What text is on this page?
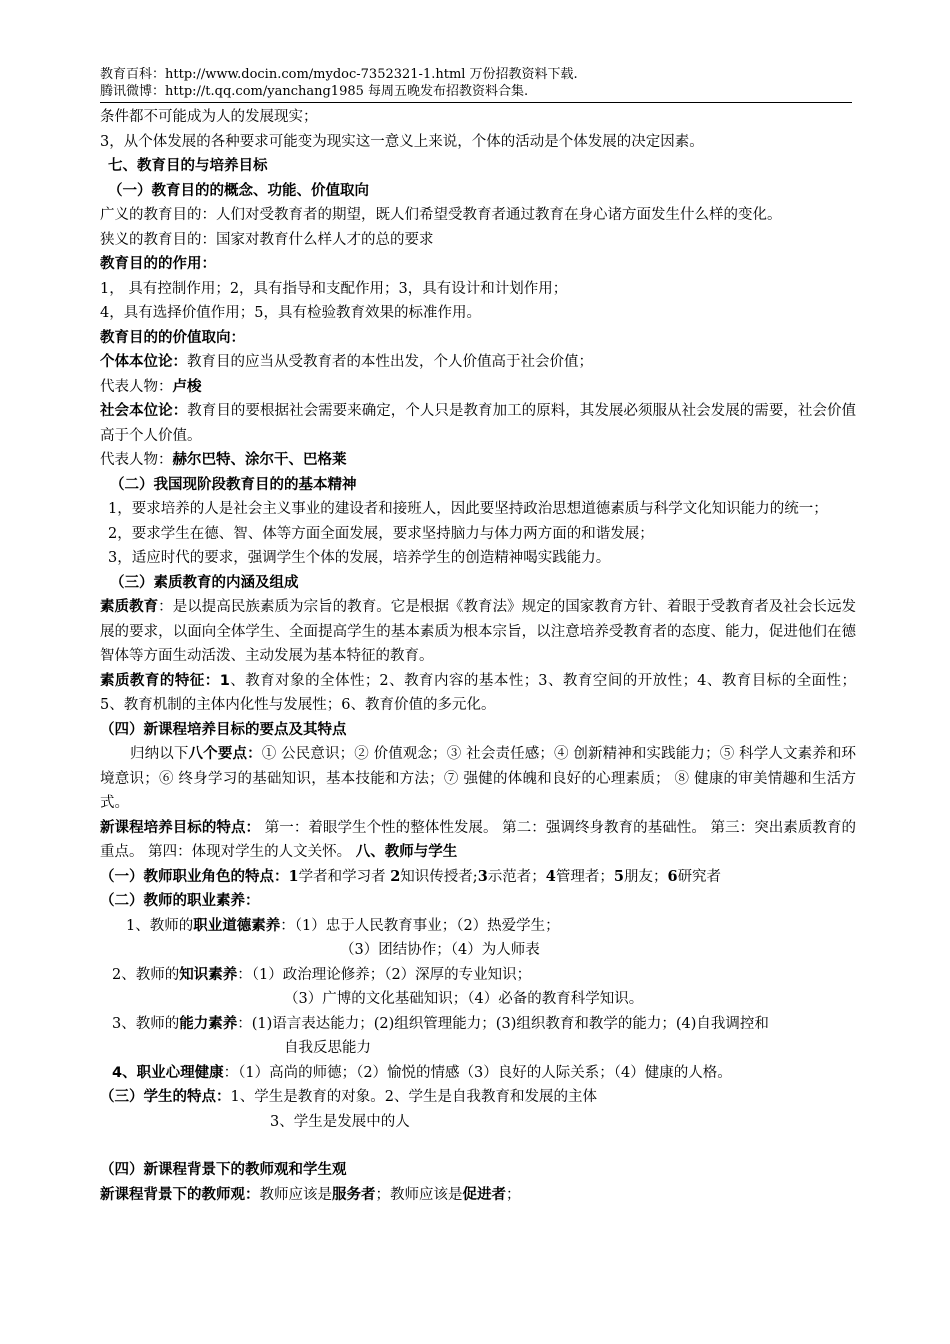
教育百科：http://www.docin.com/mydoc-7352321-1.html 万份招教资料下载.
腾讯微博：http://t.qq.com/yanchang1985 每周五晚发布招教资料合集.
条件都不可能成为人的发展现实；
3，从个体发展的各种要求可能变为现实这一意义上来说，个体的活动是个体发展的决定因素。
七、教育目的与培养目标
（一）教育目的的概念、功能、价值取向
广义的教育目的：人们对受教育者的期望，既人们希望受教育者通过教育在身心诸方面发生什么样的变化。
狭义的教育目的：国家对教育什么样人才的总的要求
教育目的的作用：
1， 具有控制作用；2，具有指导和支配作用；3，具有设计和计划作用；
4，具有选择价值作用；5，具有检验教育效果的标准作用。
教育目的的价值取向：
个体本位论：教育目的应当从受教育者的本性出发，个人价值高于社会价值；
代表人物：卢梭
社会本位论：教育目的要根据社会需要来确定，个人只是教育加工的原料，其发展必须服从社会发展的需要，社会价值高于个人价值。
代表人物：赫尔巴特、涂尔干、巴格莱
（二）我国现阶段教育目的的基本精神
1，要求培养的人是社会主义事业的建设者和接班人，因此要坚持政治思想道德素质与科学文化知识能力的统一；
2，要求学生在德、智、体等方面全面发展，要求坚持脑力与体力两方面的和谐发展；
3，适应时代的要求，强调学生个体的发展，培养学生的创造精神喝实践能力。
（三）素质教育的内涵及组成
素质教育：是以提高民族素质为宗旨的教育。它是根据《教育法》规定的国家教育方针、着眼于受教育者及社会长远发展的要求，以面向全体学生、全面提高学生的基本素质为根本宗旨，以注意培养受教育者的态度、能力，促进他们在德智体等方面生动活泼、主动发展为基本特征的教育。
素质教育的特征：1、教育对象的全体性；2、教育内容的基本性；3、教育空间的开放性；4、教育目标的全面性；5、教育机制的主体内化性与发展性；6、教育价值的多元化。
（四）新课程培养目标的要点及其特点
归纳以下八个要点：① 公民意识；② 价值观念；③ 社会责任感；④ 创新精神和实践能力；⑤ 科学人文素养和环境意识；⑥ 终身学习的基础知识，基本技能和方法；⑦ 强健的体魄和良好的心理素质； ⑧ 健康的审美情趣和生活方式。
新课程培养目标的特点： 第一：着眼学生个性的整体性发展。 第二：强调终身教育的基础性。 第三：突出素质教育的重点。 第四：体现对学生的人文关怀。 八、教师与学生
（一）教师职业角色的特点：1学者和学习者 2知识传授者;3示范者；4管理者；5朋友；6研究者
（二）教师的职业素养：
1、教师的职业道德素养：（1）忠于人民教育事业；（2）热爱学生；
（3）团结协作；（4）为人师表
2、教师的知识素养：（1）政治理论修养；（2）深厚的专业知识；
（3）广博的文化基础知识；（4）必备的教育科学知识。
3、教师的能力素养：(1)语言表达能力；(2)组织管理能力；(3)组织教育和教学的能力；(4)自我调控和
自我反思能力
4、职业心理健康：（1）高尚的师德；（2）愉悦的情感（3）良好的人际关系；（4）健康的人格。
（三）学生的特点：1、学生是教育的对象。2、学生是自我教育和发展的主体
3、学生是发展中的人
（四）新课程背景下的教师观和学生观
新课程背景下的教师观：教师应该是服务者；教师应该是促进者；
